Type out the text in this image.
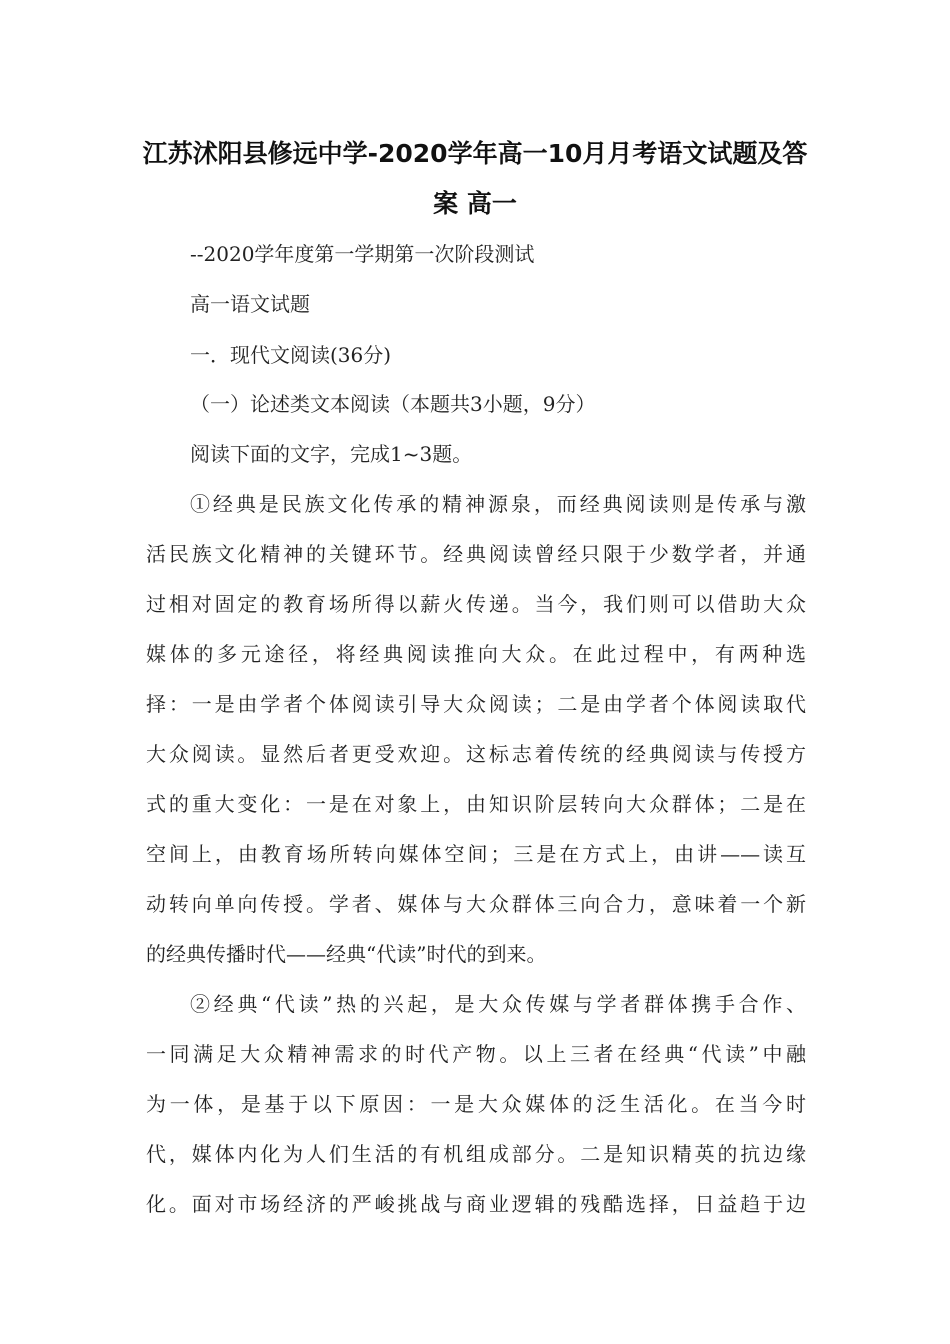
江苏沭阳县修远中学-2020学年高一10月月考语文试题及答
案 高一
--2020学年度第一学期第一次阶段测试
高一语文试题
一．现代文阅读(36分)
（一）论述类文本阅读（本题共3小题，9分）
阅读下面的文字，完成1~3题。
①经典是民族文化传承的精神源泉，而经典阅读则是传承与激
活民族文化精神的关键环节。经典阅读曾经只限于少数学者，并通
过相对固定的教育场所得以薪火传递。当今，我们则可以借助大众
媒体的多元途径，将经典阅读推向大众。在此过程中，有两种选
择：一是由学者个体阅读引导大众阅读；二是由学者个体阅读取代
大众阅读。显然后者更受欢迎。这标志着传统的经典阅读与传授方
式的重大变化：一是在对象上，由知识阶层转向大众群体；二是在
空间上，由教育场所转向媒体空间；三是在方式上，由讲——读互
动转向单向传授。学者、媒体与大众群体三向合力，意味着一个新
的经典传播时代——经典“代读”时代的到来。
②经典“代读”热的兴起，是大众传媒与学者群体携手合作、
一同满足大众精神需求的时代产物。以上三者在经典“代读”中融
为一体，是基于以下原因：一是大众媒体的泛生活化。在当今时
代，媒体内化为人们生活的有机组成部分。二是知识精英的抗边缘
化。面对市场经济的严峻挑战与商业逻辑的残酷选择，日益趋于边
